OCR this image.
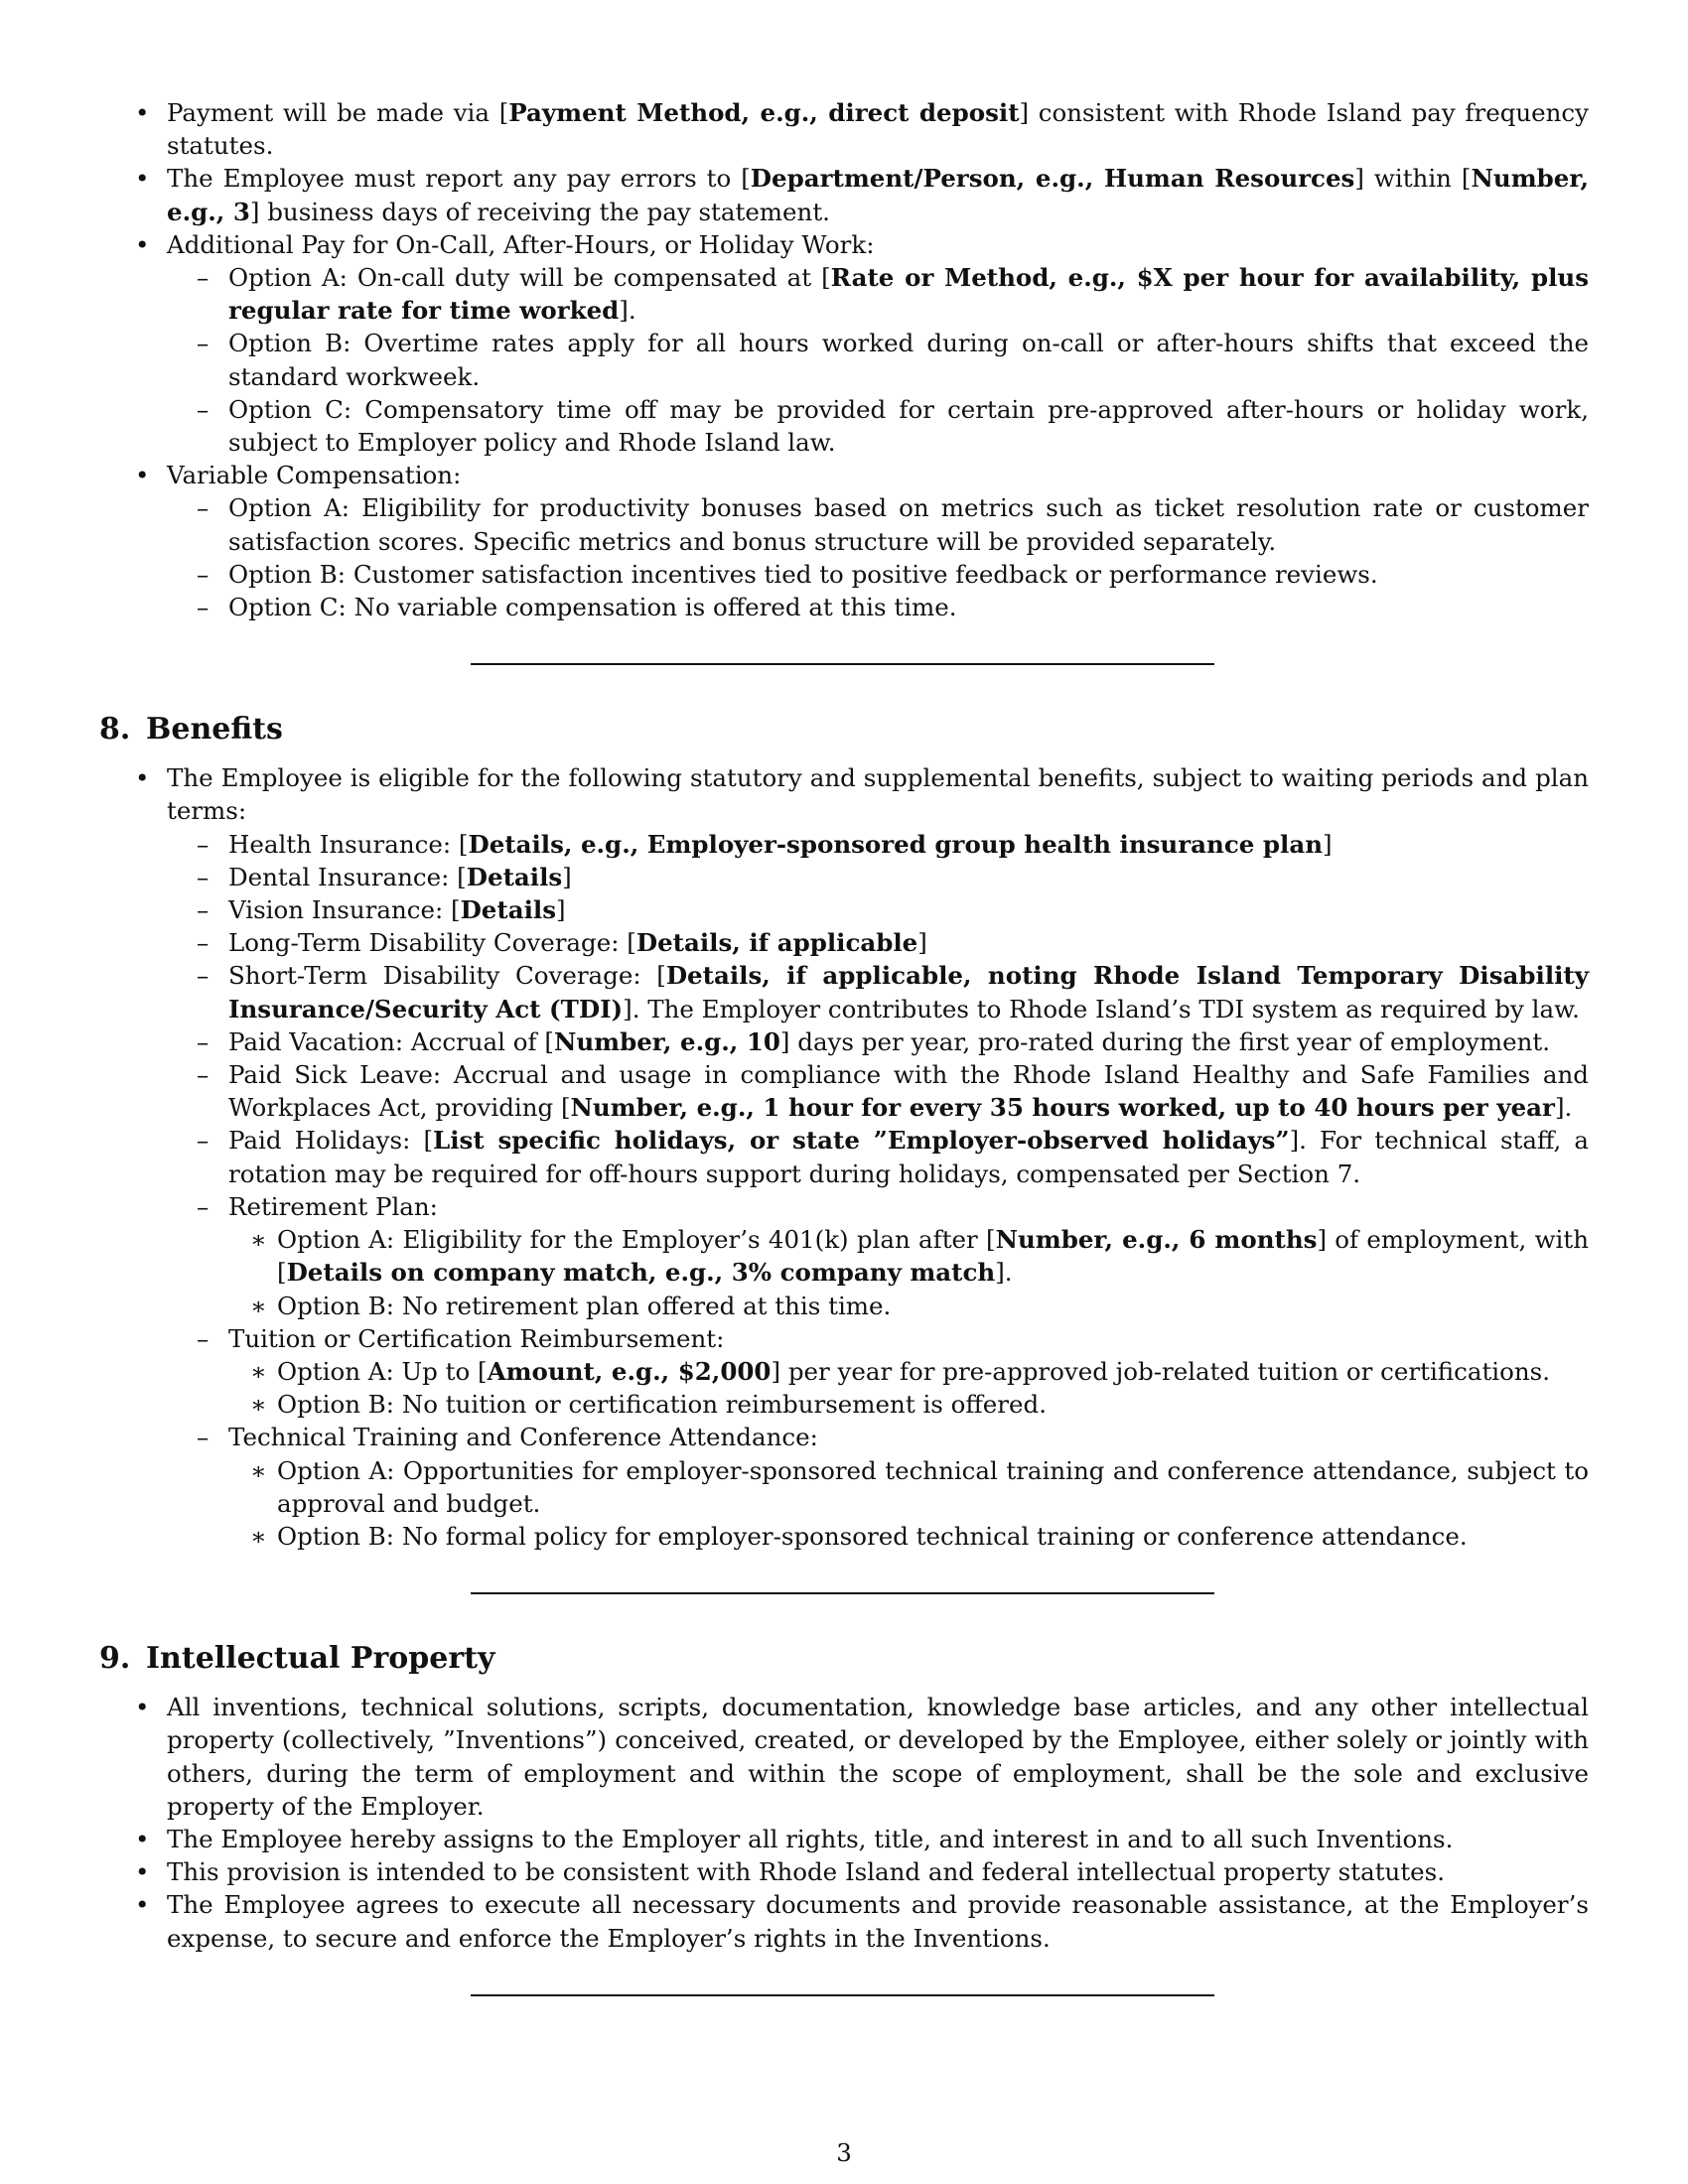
• Payment will be made via [Payment Method, e.g., direct deposit] consistent with Rhode Island pay frequency statutes.
• The Employee must report any pay errors to [Department/Person, e.g., Human Resources] within [Number, e.g., 3] business days of receiving the pay statement.
• Additional Pay for On-Call, After-Hours, or Holiday Work:
– Option A: On-call duty will be compensated at [Rate or Method, e.g., $X per hour for availability, plus regular rate for time worked].
– Option B: Overtime rates apply for all hours worked during on-call or after-hours shifts that exceed the standard workweek.
– Option C: Compensatory time off may be provided for certain pre-approved after-hours or holiday work, subject to Employer policy and Rhode Island law.
• Variable Compensation:
– Option A: Eligibility for productivity bonuses based on metrics such as ticket resolution rate or customer satisfaction scores. Specific metrics and bonus structure will be provided separately.
– Option B: Customer satisfaction incentives tied to positive feedback or performance reviews.
– Option C: No variable compensation is offered at this time.
8. Benefits
• The Employee is eligible for the following statutory and supplemental benefits, subject to waiting periods and plan terms:
– Health Insurance: [Details, e.g., Employer-sponsored group health insurance plan]
– Dental Insurance: [Details]
– Vision Insurance: [Details]
– Long-Term Disability Coverage: [Details, if applicable]
– Short-Term Disability Coverage: [Details, if applicable, noting Rhode Island Temporary Disability Insurance/Security Act (TDI)]. The Employer contributes to Rhode Island’s TDI system as required by law.
– Paid Vacation: Accrual of [Number, e.g., 10] days per year, pro-rated during the first year of employment.
– Paid Sick Leave: Accrual and usage in compliance with the Rhode Island Healthy and Safe Families and Workplaces Act, providing [Number, e.g., 1 hour for every 35 hours worked, up to 40 hours per year].
– Paid Holidays: [List specific holidays, or state ”Employer-observed holidays”]. For technical staff, a rotation may be required for off-hours support during holidays, compensated per Section 7.
– Retirement Plan:
∗ Option A: Eligibility for the Employer’s 401(k) plan after [Number, e.g., 6 months] of employment, with [Details on company match, e.g., 3% company match].
∗ Option B: No retirement plan offered at this time.
– Tuition or Certification Reimbursement:
∗ Option A: Up to [Amount, e.g., $2,000] per year for pre-approved job-related tuition or certifications.
∗ Option B: No tuition or certification reimbursement is offered.
– Technical Training and Conference Attendance:
∗ Option A: Opportunities for employer-sponsored technical training and conference attendance, subject to approval and budget.
∗ Option B: No formal policy for employer-sponsored technical training or conference attendance.
9. Intellectual Property
• All inventions, technical solutions, scripts, documentation, knowledge base articles, and any other intellectual property (collectively, ”Inventions”) conceived, created, or developed by the Employee, either solely or jointly with others, during the term of employment and within the scope of employment, shall be the sole and exclusive property of the Employer.
• The Employee hereby assigns to the Employer all rights, title, and interest in and to all such Inventions.
• This provision is intended to be consistent with Rhode Island and federal intellectual property statutes.
• The Employee agrees to execute all necessary documents and provide reasonable assistance, at the Employer’s expense, to secure and enforce the Employer’s rights in the Inventions.
3
